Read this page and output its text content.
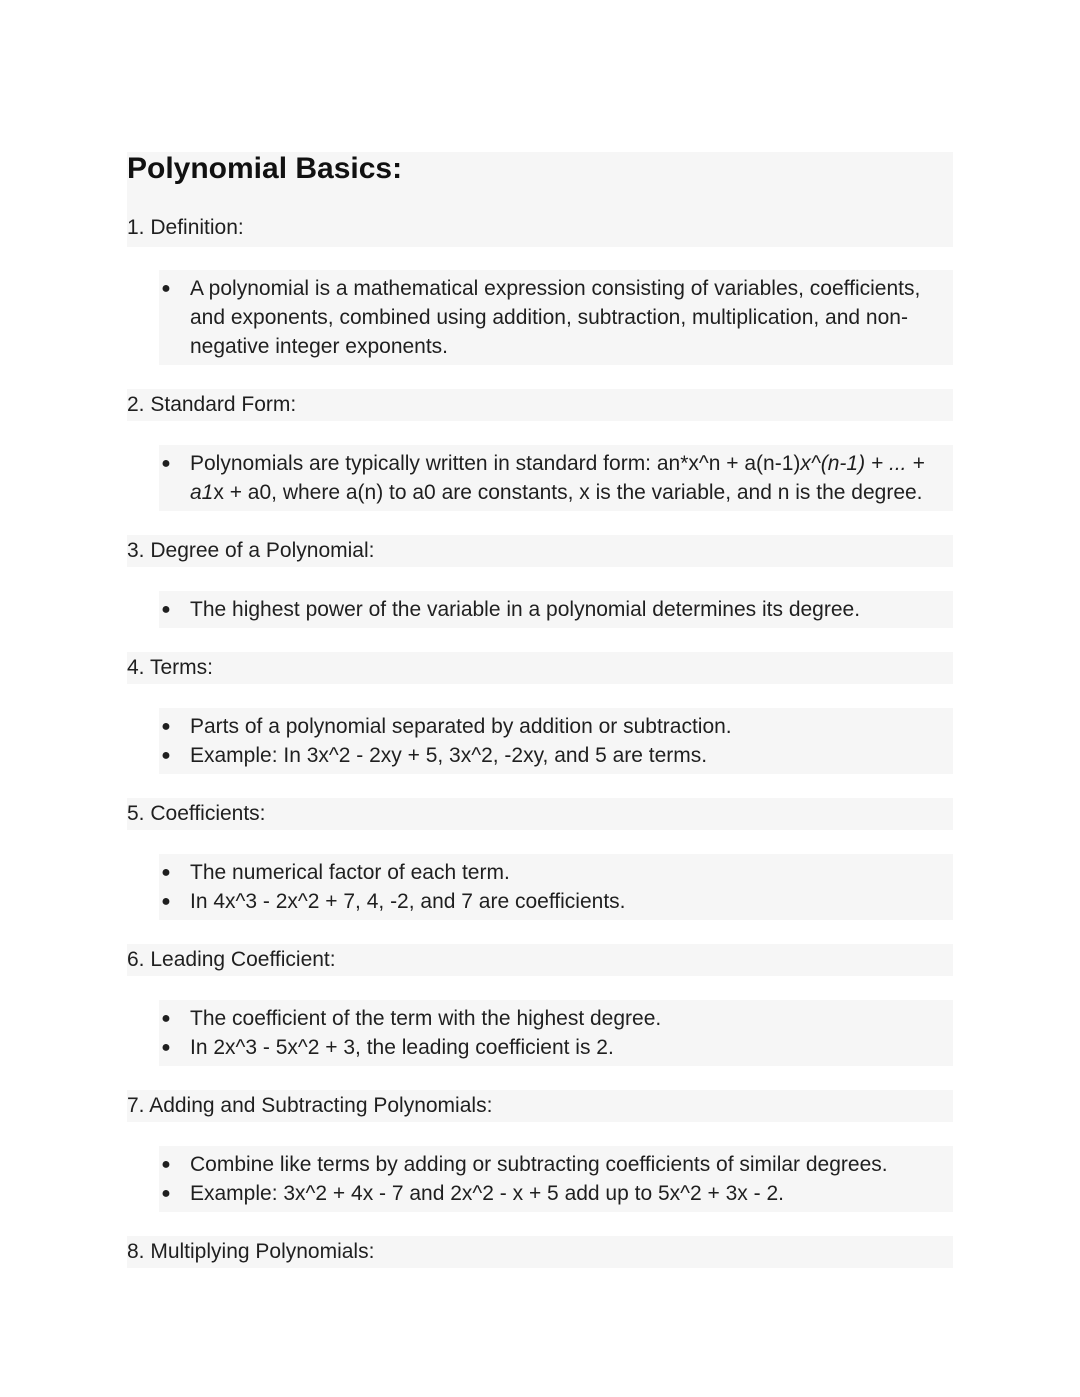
Polynomial Basics:
1. Definition:
● A polynomial is a mathematical expression consisting of variables, coefficients, and exponents, combined using addition, subtraction, multiplication, and non-negative integer exponents.
2. Standard Form:
● Polynomials are typically written in standard form: an*x^n + a(n-1)x^(n-1) + ... + a1x + a0, where a(n) to a0 are constants, x is the variable, and n is the degree.
3. Degree of a Polynomial:
● The highest power of the variable in a polynomial determines its degree.
4. Terms:
● Parts of a polynomial separated by addition or subtraction.
● Example: In 3x^2 - 2xy + 5, 3x^2, -2xy, and 5 are terms.
5. Coefficients:
● The numerical factor of each term.
● In 4x^3 - 2x^2 + 7, 4, -2, and 7 are coefficients.
6. Leading Coefficient:
● The coefficient of the term with the highest degree.
● In 2x^3 - 5x^2 + 3, the leading coefficient is 2.
7. Adding and Subtracting Polynomials:
● Combine like terms by adding or subtracting coefficients of similar degrees.
● Example: 3x^2 + 4x - 7 and 2x^2 - x + 5 add up to 5x^2 + 3x - 2.
8. Multiplying Polynomials:
